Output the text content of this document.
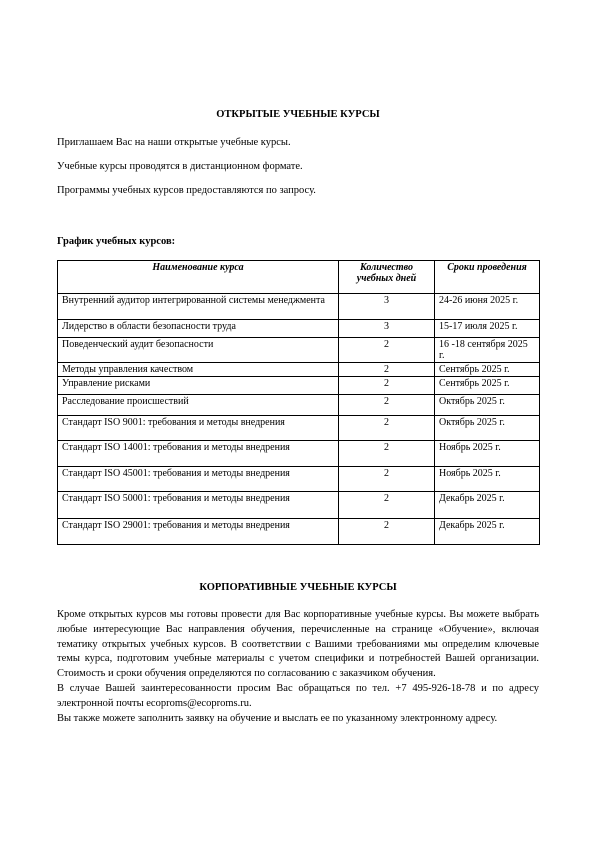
ОТКРЫТЫЕ УЧЕБНЫЕ КУРСЫ
Приглашаем Вас на наши открытые учебные курсы.
Учебные курсы проводятся в дистанционном формате.
Программы учебных курсов предоставляются по запросу.
График учебных курсов:
Наименование курса	Количество учебных дней	Сроки проведения
Внутренний аудитор интегрированной системы менеджмента	3	24-26 июня 2025 г.
Лидерство в области безопасности труда	3	15-17 июля 2025 г.
Поведенческий аудит безопасности	2	16 -18 сентября 2025 г.
Методы управления качеством	2	Сентябрь 2025 г.
Управление рисками	2	Сентябрь 2025 г.
Расследование происшествий	2	Октябрь 2025 г.
Стандарт ISO 9001: требования и методы внедрения	2	Октябрь 2025 г.
Стандарт ISO 14001: требования и методы внедрения	2	Ноябрь 2025 г.
Стандарт ISO 45001: требования и методы внедрения	2	Ноябрь 2025 г.
Стандарт ISO 50001: требования и методы внедрения	2	Декабрь 2025 г.
Стандарт ISO 29001: требования и методы внедрения	2	Декабрь 2025 г.
КОРПОРАТИВНЫЕ УЧЕБНЫЕ КУРСЫ

Кроме открытых курсов мы готовы провести для Вас корпоративные учебные курсы. Вы можете выбрать любые интересующие Вас направления обучения, перечисленные на странице «Обучение», включая тематику открытых учебных курсов. В соответствии с Вашими требованиями мы определим ключевые темы курса, подготовим учебные материалы с учетом специфики и потребностей Вашей организации. Стоимость и сроки обучения определяются по согласованию с заказчиком обучения.

В случае Вашей заинтересованности просим Вас обращаться по тел. +7 495-926-18-78 и по адресу электронной почты ecoproms@ecoproms.ru.

Вы также можете заполнить заявку на обучение и выслать ее по указанному электронному адресу.
